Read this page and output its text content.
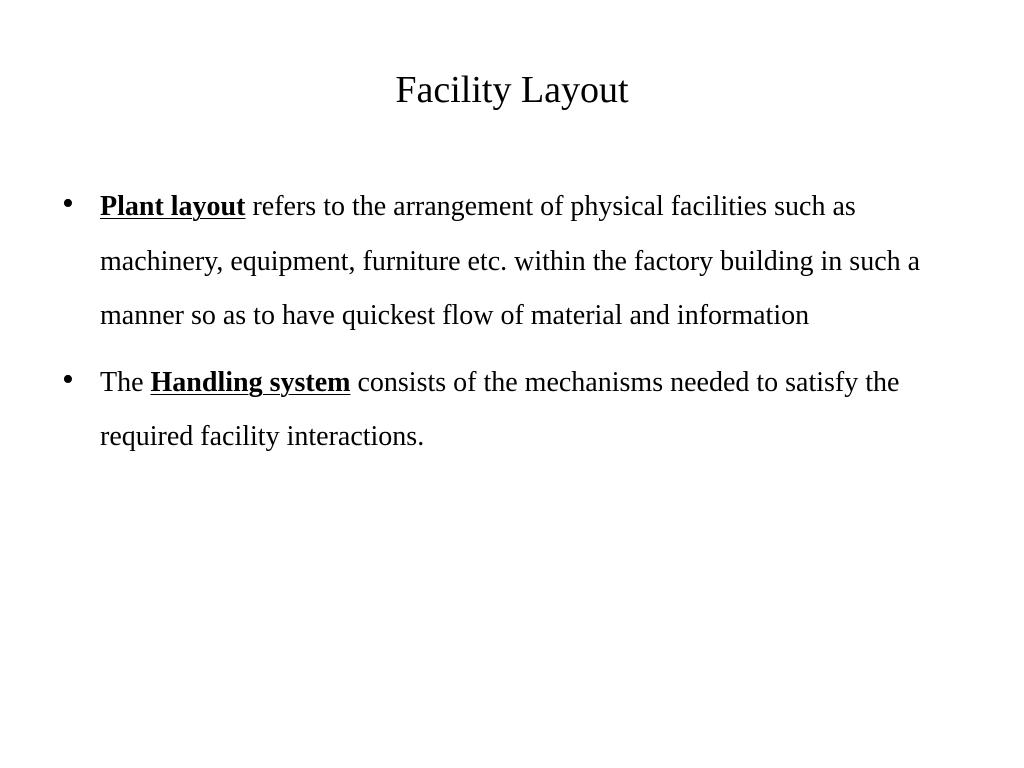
Facility Layout
• Plant layout refers to the arrangement of physical facilities such as machinery, equipment, furniture etc. within the factory building in such a manner so as to have quickest flow of material and information
• The Handling system consists of the mechanisms needed to satisfy the required facility interactions.
